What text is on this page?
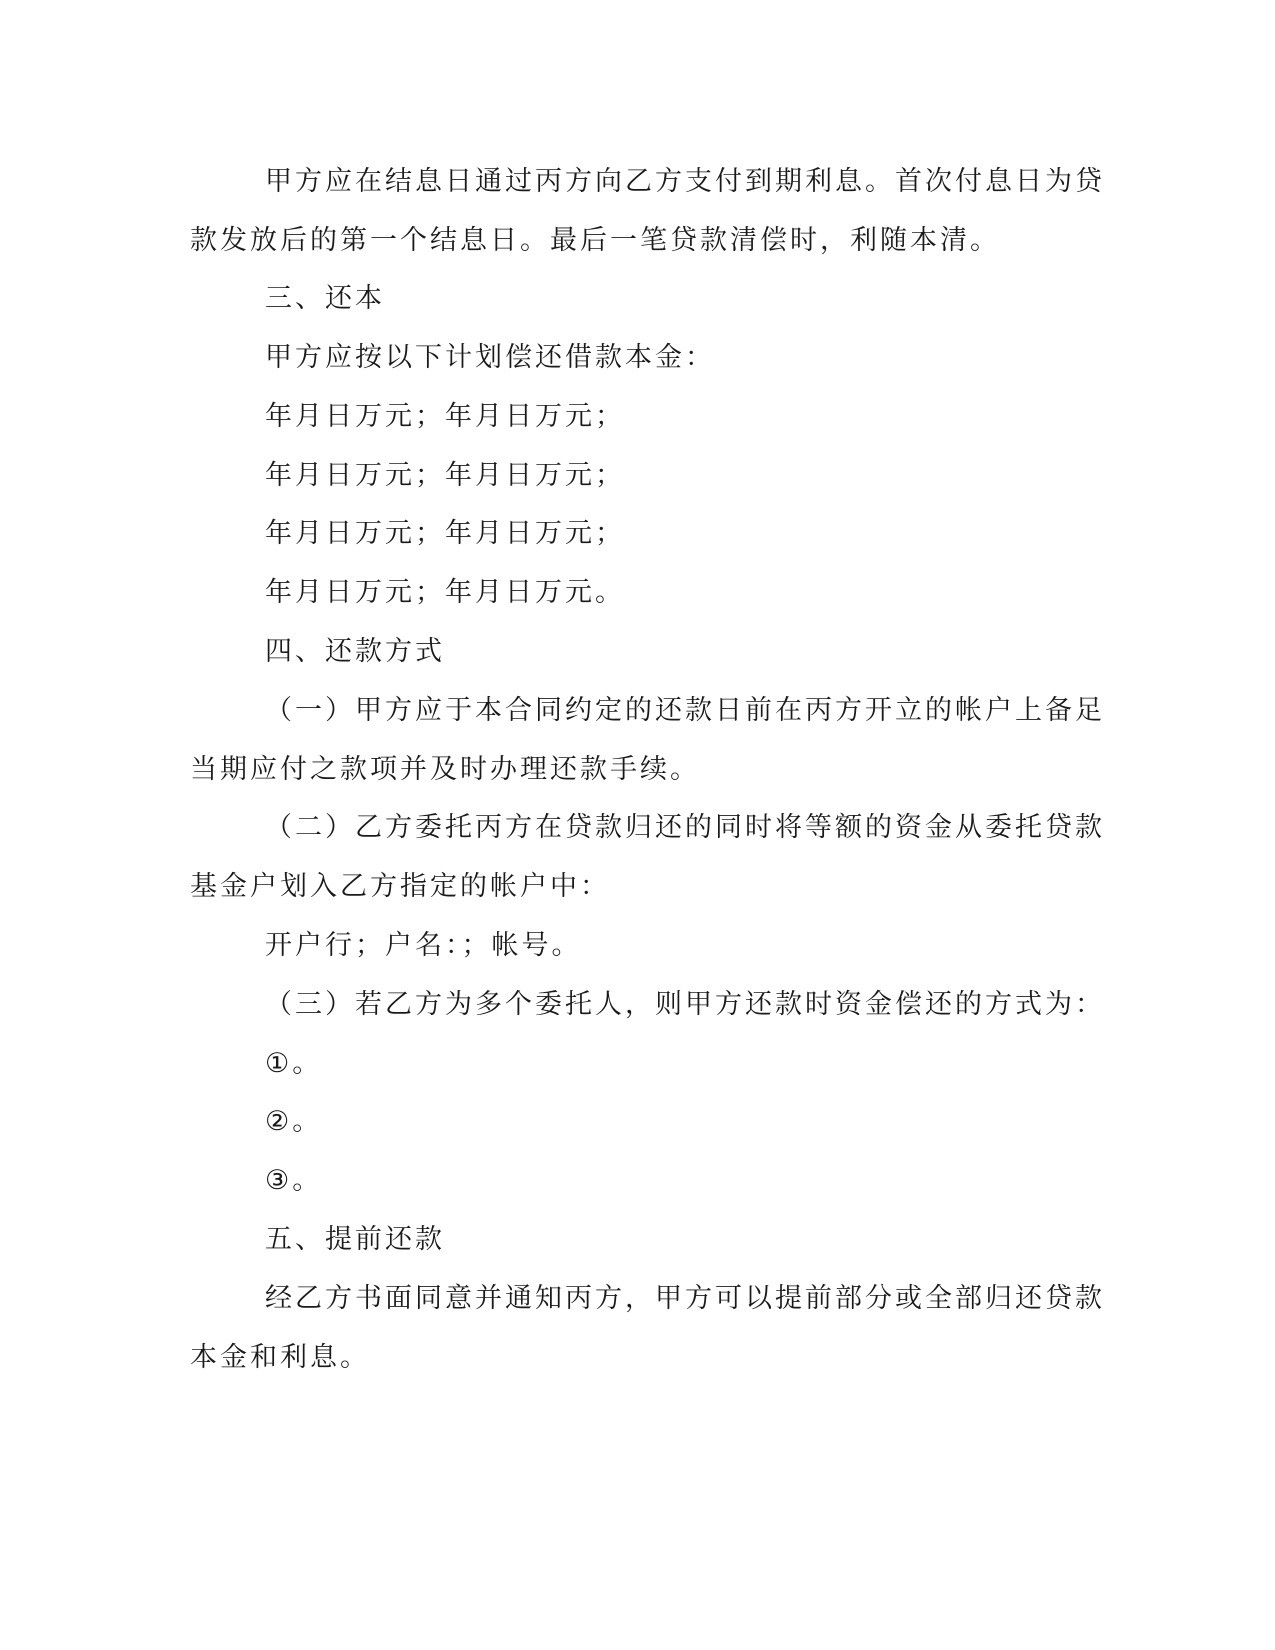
甲方应在结息日通过丙方向乙方支付到期利息。首次付息日为贷
款发放后的第一个结息日。最后一笔贷款清偿时，利随本清。
三、还本
甲方应按以下计划偿还借款本金：
年月日万元；年月日万元；
年月日万元；年月日万元；
年月日万元；年月日万元；
年月日万元；年月日万元。
四、还款方式
（一）甲方应于本合同约定的还款日前在丙方开立的帐户上备足
当期应付之款项并及时办理还款手续。
（二）乙方委托丙方在贷款归还的同时将等额的资金从委托贷款
基金户划入乙方指定的帐户中：
开户行；户名：；帐号。
（三）若乙方为多个委托人，则甲方还款时资金偿还的方式为：
①。
②。
③。
五、提前还款
经乙方书面同意并通知丙方，甲方可以提前部分或全部归还贷款
本金和利息。
